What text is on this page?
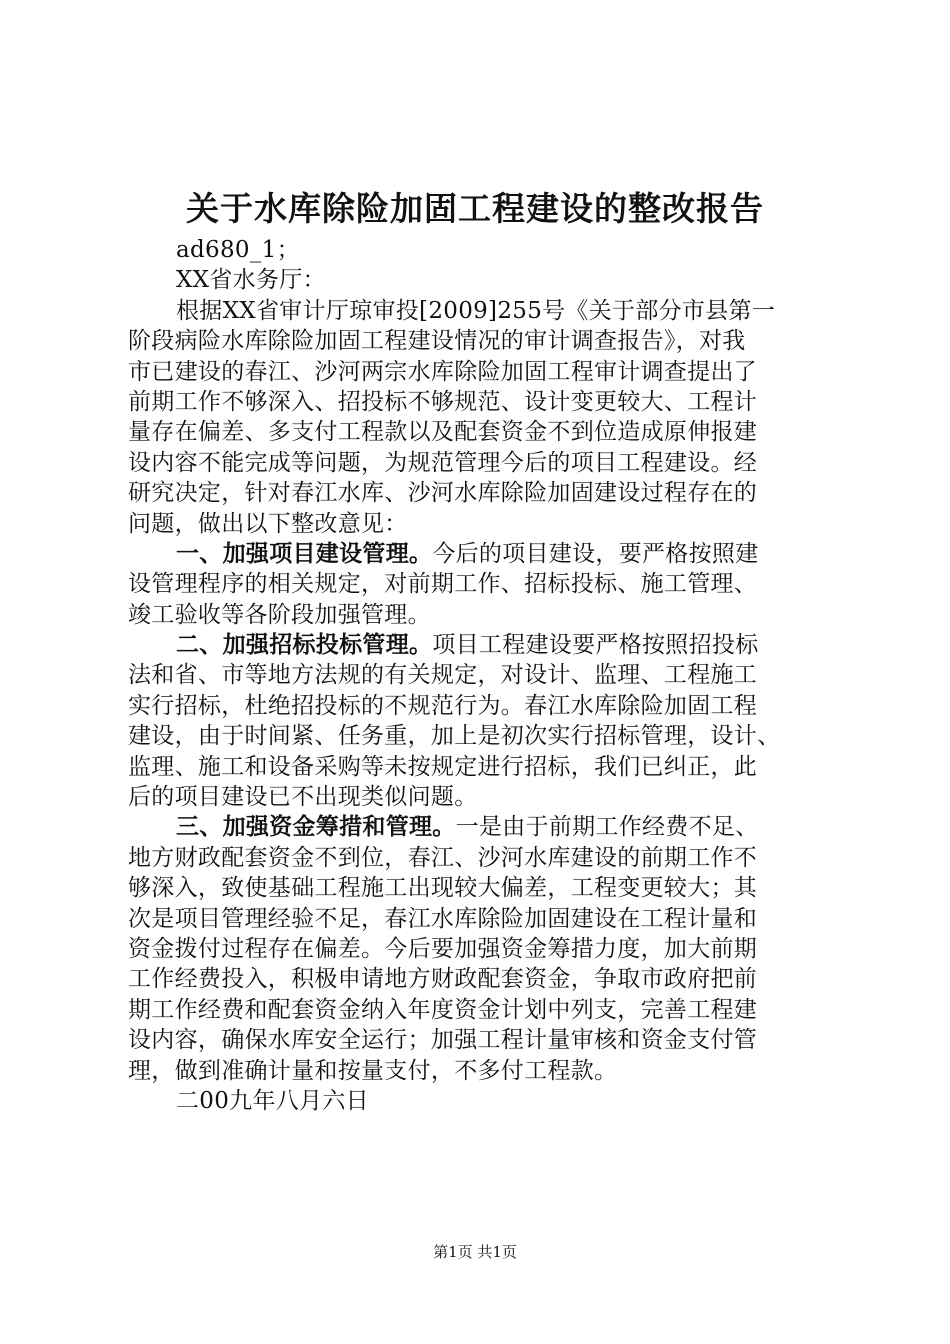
关于水库除险加固工程建设的整改报告
ad680_1；
XX省水务厅：
根据XX省审计厅琼审投[2009]255号《关于部分市县第一
阶段病险水库除险加固工程建设情况的审计调查报告》，对我
市已建设的春江、沙河两宗水库除险加固工程审计调查提出了
前期工作不够深入、招投标不够规范、设计变更较大、工程计
量存在偏差、多支付工程款以及配套资金不到位造成原伸报建
设内容不能完成等问题，为规范管理今后的项目工程建设。经
研究决定，针对春江水库、沙河水库除险加固建设过程存在的
问题，做出以下整改意见：
一、加强项目建设管理。今后的项目建设，要严格按照建
设管理程序的相关规定，对前期工作、招标投标、施工管理、
竣工验收等各阶段加强管理。
二、加强招标投标管理。项目工程建设要严格按照招投标
法和省、市等地方法规的有关规定，对设计、监理、工程施工
实行招标，杜绝招投标的不规范行为。春江水库除险加固工程
建设，由于时间紧、任务重，加上是初次实行招标管理，设计、
监理、施工和设备采购等未按规定进行招标，我们已纠正，此
后的项目建设已不出现类似问题。
三、加强资金筹措和管理。一是由于前期工作经费不足、
地方财政配套资金不到位，春江、沙河水库建设的前期工作不
够深入，致使基础工程施工出现较大偏差，工程变更较大；其
次是项目管理经验不足，春江水库除险加固建设在工程计量和
资金拨付过程存在偏差。今后要加强资金筹措力度，加大前期
工作经费投入，积极申请地方财政配套资金，争取市政府把前
期工作经费和配套资金纳入年度资金计划中列支，完善工程建
设内容，确保水库安全运行；加强工程计量审核和资金支付管
理，做到准确计量和按量支付，不多付工程款。
二00九年八月六日
第1页 共1页
